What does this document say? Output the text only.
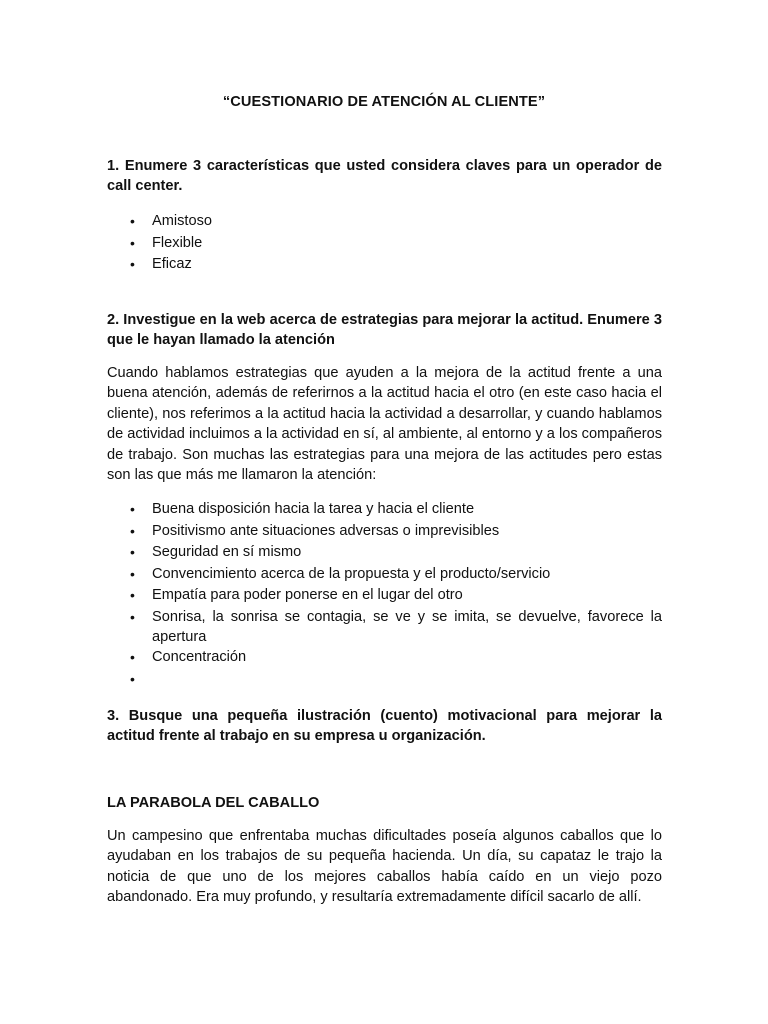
“CUESTIONARIO DE ATENCIÓN AL CLIENTE”
1. Enumere 3 características que usted considera claves para un operador de call center.
• Amistoso
• Flexible
• Eficaz
2. Investigue en la web acerca de estrategias para mejorar la actitud. Enumere 3 que le hayan llamado la atención
Cuando hablamos estrategias que ayuden a la mejora de la actitud frente a una buena atención, además de referirnos a la actitud hacia el otro (en este caso hacia el cliente), nos referimos a la actitud hacia la actividad a desarrollar, y cuando hablamos de actividad incluimos a la actividad en sí, al ambiente, al entorno y a los compañeros de trabajo. Son muchas las estrategias para una mejora de las actitudes pero estas son las que más me llamaron la atención:
• Buena disposición hacia la tarea y hacia el cliente
• Positivismo ante situaciones adversas o imprevisibles
• Seguridad en sí mismo
• Convencimiento acerca de la propuesta y el producto/servicio
• Empatía para poder ponerse en el lugar del otro
• Sonrisa, la sonrisa se contagia, se ve y se imita, se devuelve, favorece la apertura
• Concentración
•

3. Busque una pequeña ilustración (cuento) motivacional para mejorar la actitud frente al trabajo en su empresa u organización.
LA PARABOLA DEL CABALLO
Un campesino que enfrentaba muchas dificultades poseía algunos caballos que lo ayudaban en los trabajos de su pequeña hacienda. Un día, su capataz le trajo la noticia de que uno de los mejores caballos había caído en un viejo pozo abandonado. Era muy profundo, y resultaría extremadamente difícil sacarlo de allí.
